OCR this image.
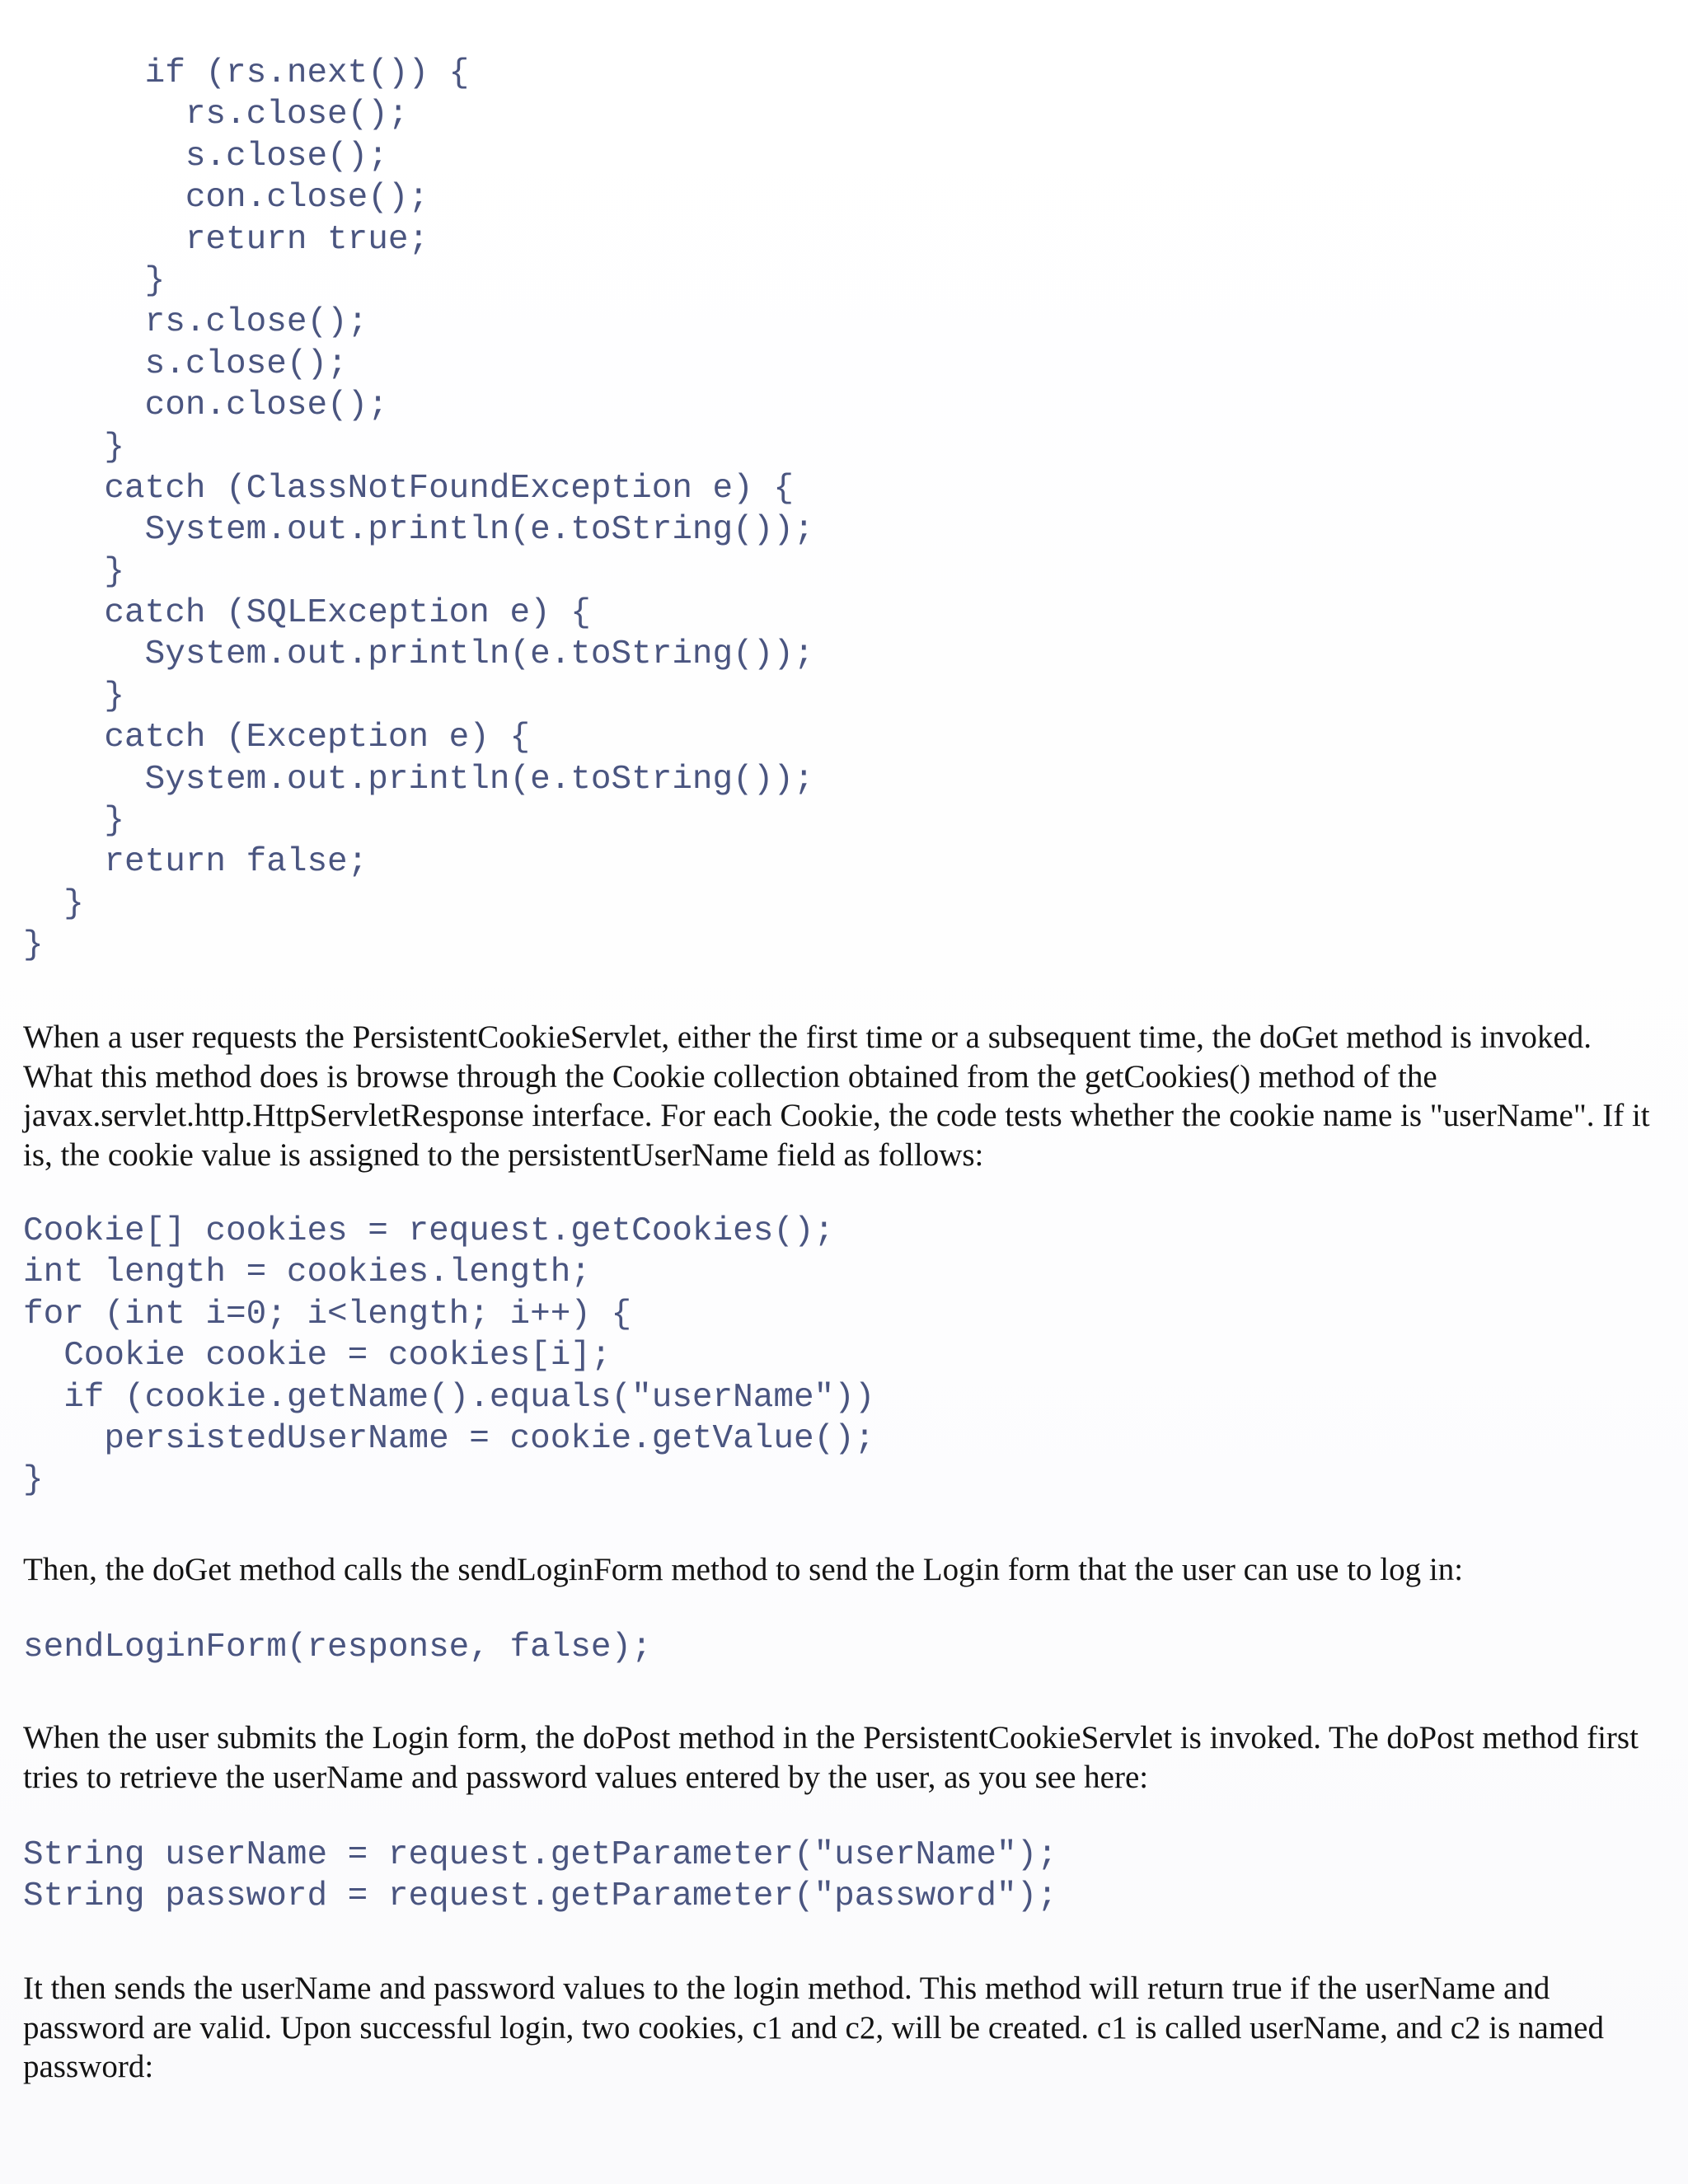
if (rs.next()) {
rs.close();
s.close();
con.close();
return true;
}
rs.close();
s.close();
con.close();
}
catch (ClassNotFoundException e) {
System.out.println(e.toString());
}
catch (SQLException e) {
System.out.println(e.toString());
}
catch (Exception e) {
System.out.println(e.toString());
}
return false;
}
}

When a user requests the PersistentCookieServlet, either the first time or a subsequent time, the doGet method is invoked. What this method does is browse through the Cookie collection obtained from the getCookies() method of the javax.servlet.http.HttpServletResponse interface. For each Cookie, the code tests whether the cookie name is "userName". If it is, the cookie value is assigned to the persistentUserName field as follows:

Cookie[] cookies = request.getCookies();
int length = cookies.length;
for (int i=0; i<length; i++) {
Cookie cookie = cookies[i];
if (cookie.getName().equals("userName"))
persistedUserName = cookie.getValue();
}

Then, the doGet method calls the sendLoginForm method to send the Login form that the user can use to log in:

sendLoginForm(response, false);

When the user submits the Login form, the doPost method in the PersistentCookieServlet is invoked. The doPost method first tries to retrieve the userName and password values entered by the user, as you see here:

String userName = request.getParameter("userName");
String password = request.getParameter("password");

It then sends the userName and password values to the login method. This method will return true if the userName and password are valid. Upon successful login, two cookies, c1 and c2, will be created. c1 is called userName, and c2 is named password:
